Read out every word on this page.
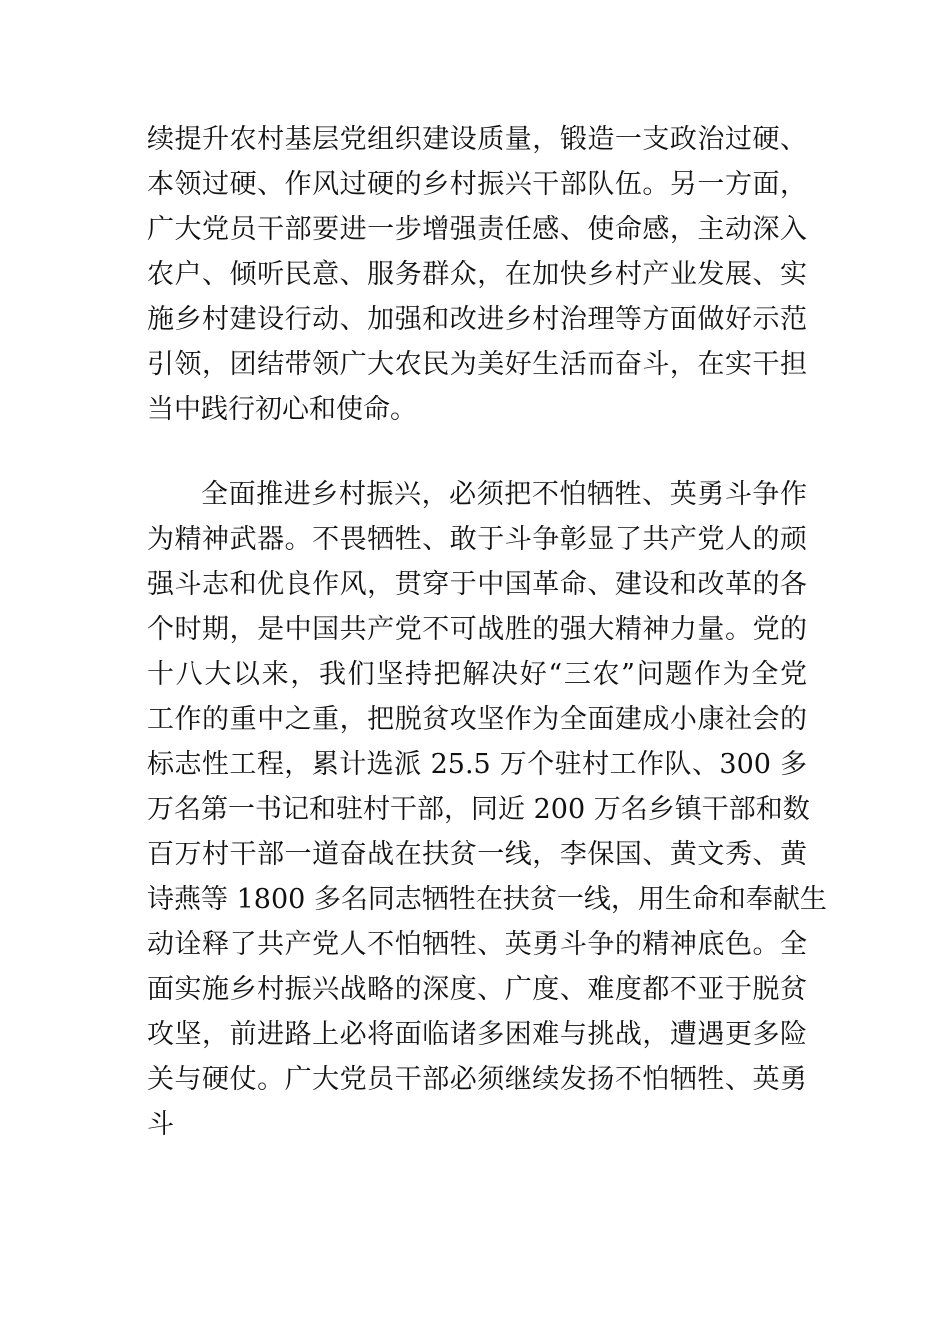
续提升农村基层党组织建设质量，锻造一支政治过硬、
本领过硬、作风过硬的乡村振兴干部队伍。另一方面，
广大党员干部要进一步增强责任感、使命感，主动深入
农户、倾听民意、服务群众，在加快乡村产业发展、实
施乡村建设行动、加强和改进乡村治理等方面做好示范
引领，团结带领广大农民为美好生活而奋斗，在实干担
当中践行初心和使命。
全面推进乡村振兴，必须把不怕牺牲、英勇斗争作
为精神武器。不畏牺牲、敢于斗争彰显了共产党人的顽
强斗志和优良作风，贯穿于中国革命、建设和改革的各
个时期，是中国共产党不可战胜的强大精神力量。党的
十八大以来，我们坚持把解决好“三农”问题作为全党
工作的重中之重，把脱贫攻坚作为全面建成小康社会的
标志性工程，累计选派 25.5 万个驻村工作队、300 多
万名第一书记和驻村干部，同近 200 万名乡镇干部和数
百万村干部一道奋战在扶贫一线，李保国、黄文秀、黄
诗燕等 1800 多名同志牺牲在扶贫一线，用生命和奉献生
动诠释了共产党人不怕牺牲、英勇斗争的精神底色。全
面实施乡村振兴战略的深度、广度、难度都不亚于脱贫
攻坚，前进路上必将面临诸多困难与挑战，遭遇更多险
关与硬仗。广大党员干部必须继续发扬不怕牺牲、英勇
斗
